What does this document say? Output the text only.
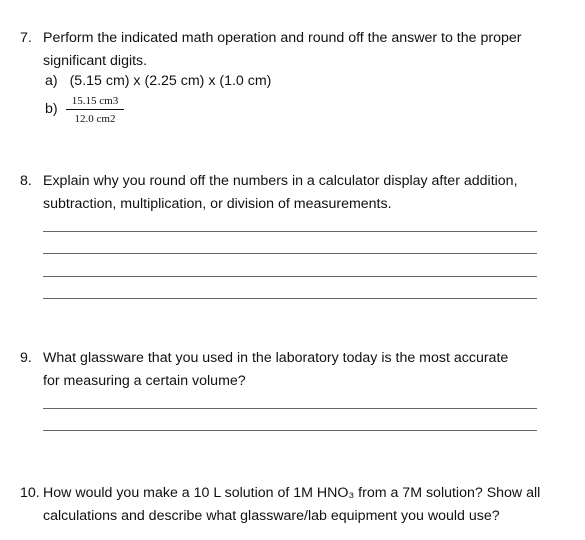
7. Perform the indicated math operation and round off the answer to the proper
significant digits.
a) (5.15 cm) x (2.25 cm) x (1.0 cm)
b)	15.15 cm3
12.0 cm2
8. Explain why you round off the numbers in a calculator display after addition,
subtraction, multiplication, or division of measurements.
9. What glassware that you used in the laboratory today is the most accurate
for measuring a certain volume?
10. How would you make a 10 L solution of 1M HNO₃ from a 7M solution? Show all
calculations and describe what glassware/lab equipment you would use?
